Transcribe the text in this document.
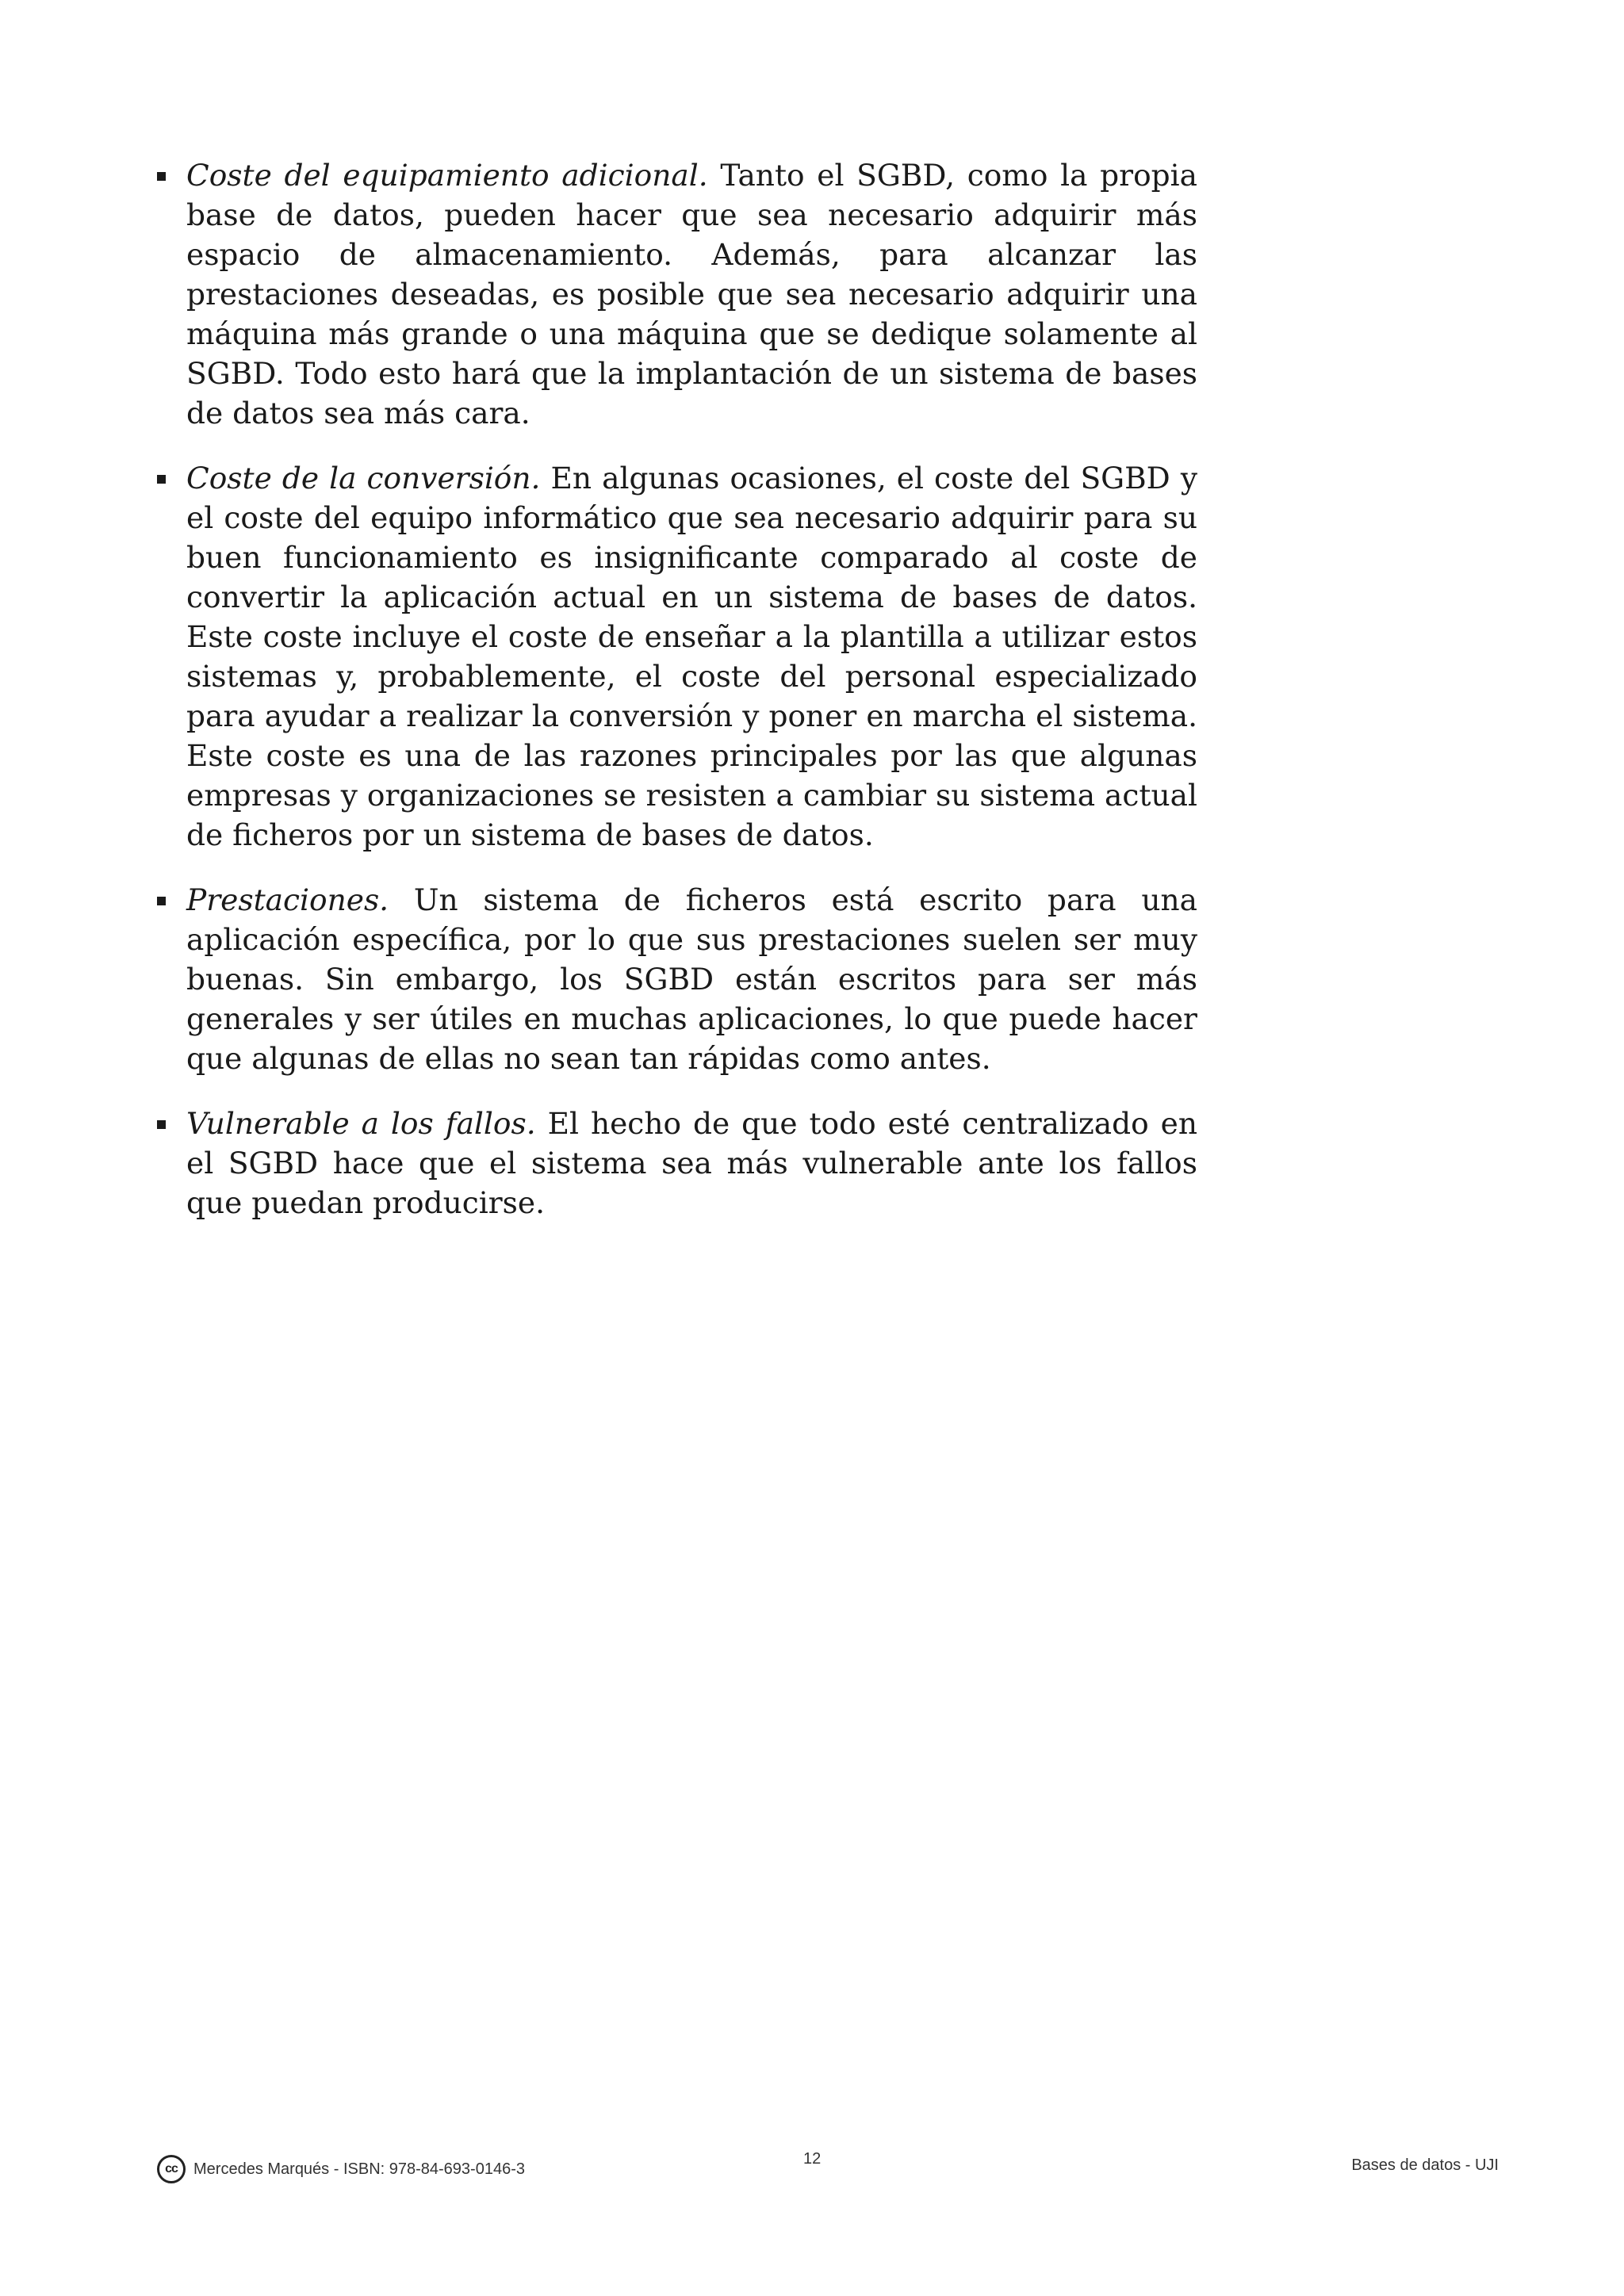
Coste del equipamiento adicional. Tanto el SGBD, como la propia base de datos, pueden hacer que sea necesario adquirir más espacio de almacenamiento. Además, para alcanzar las prestaciones deseadas, es posible que sea necesario adquirir una máquina más grande o una máquina que se dedique solamente al SGBD. Todo esto hará que la implantación de un sistema de bases de datos sea más cara.
Coste de la conversión. En algunas ocasiones, el coste del SGBD y el coste del equipo informático que sea necesario adquirir para su buen funcionamiento es insignificante comparado al coste de convertir la aplicación actual en un sistema de bases de datos. Este coste incluye el coste de enseñar a la plantilla a utilizar estos sistemas y, probablemente, el coste del personal especializado para ayudar a realizar la conversión y poner en marcha el sistema. Este coste es una de las razones principales por las que algunas empresas y organizaciones se resisten a cambiar su sistema actual de ficheros por un sistema de bases de datos.
Prestaciones. Un sistema de ficheros está escrito para una aplicación específica, por lo que sus prestaciones suelen ser muy buenas. Sin embargo, los SGBD están escritos para ser más generales y ser útiles en muchas aplicaciones, lo que puede hacer que algunas de ellas no sean tan rápidas como antes.
Vulnerable a los fallos. El hecho de que todo esté centralizado en el SGBD hace que el sistema sea más vulnerable ante los fallos que puedan producirse.
cc	Mercedes Marqués - ISBN: 978-84-693-0146-3
12	Bases de datos - UJI
